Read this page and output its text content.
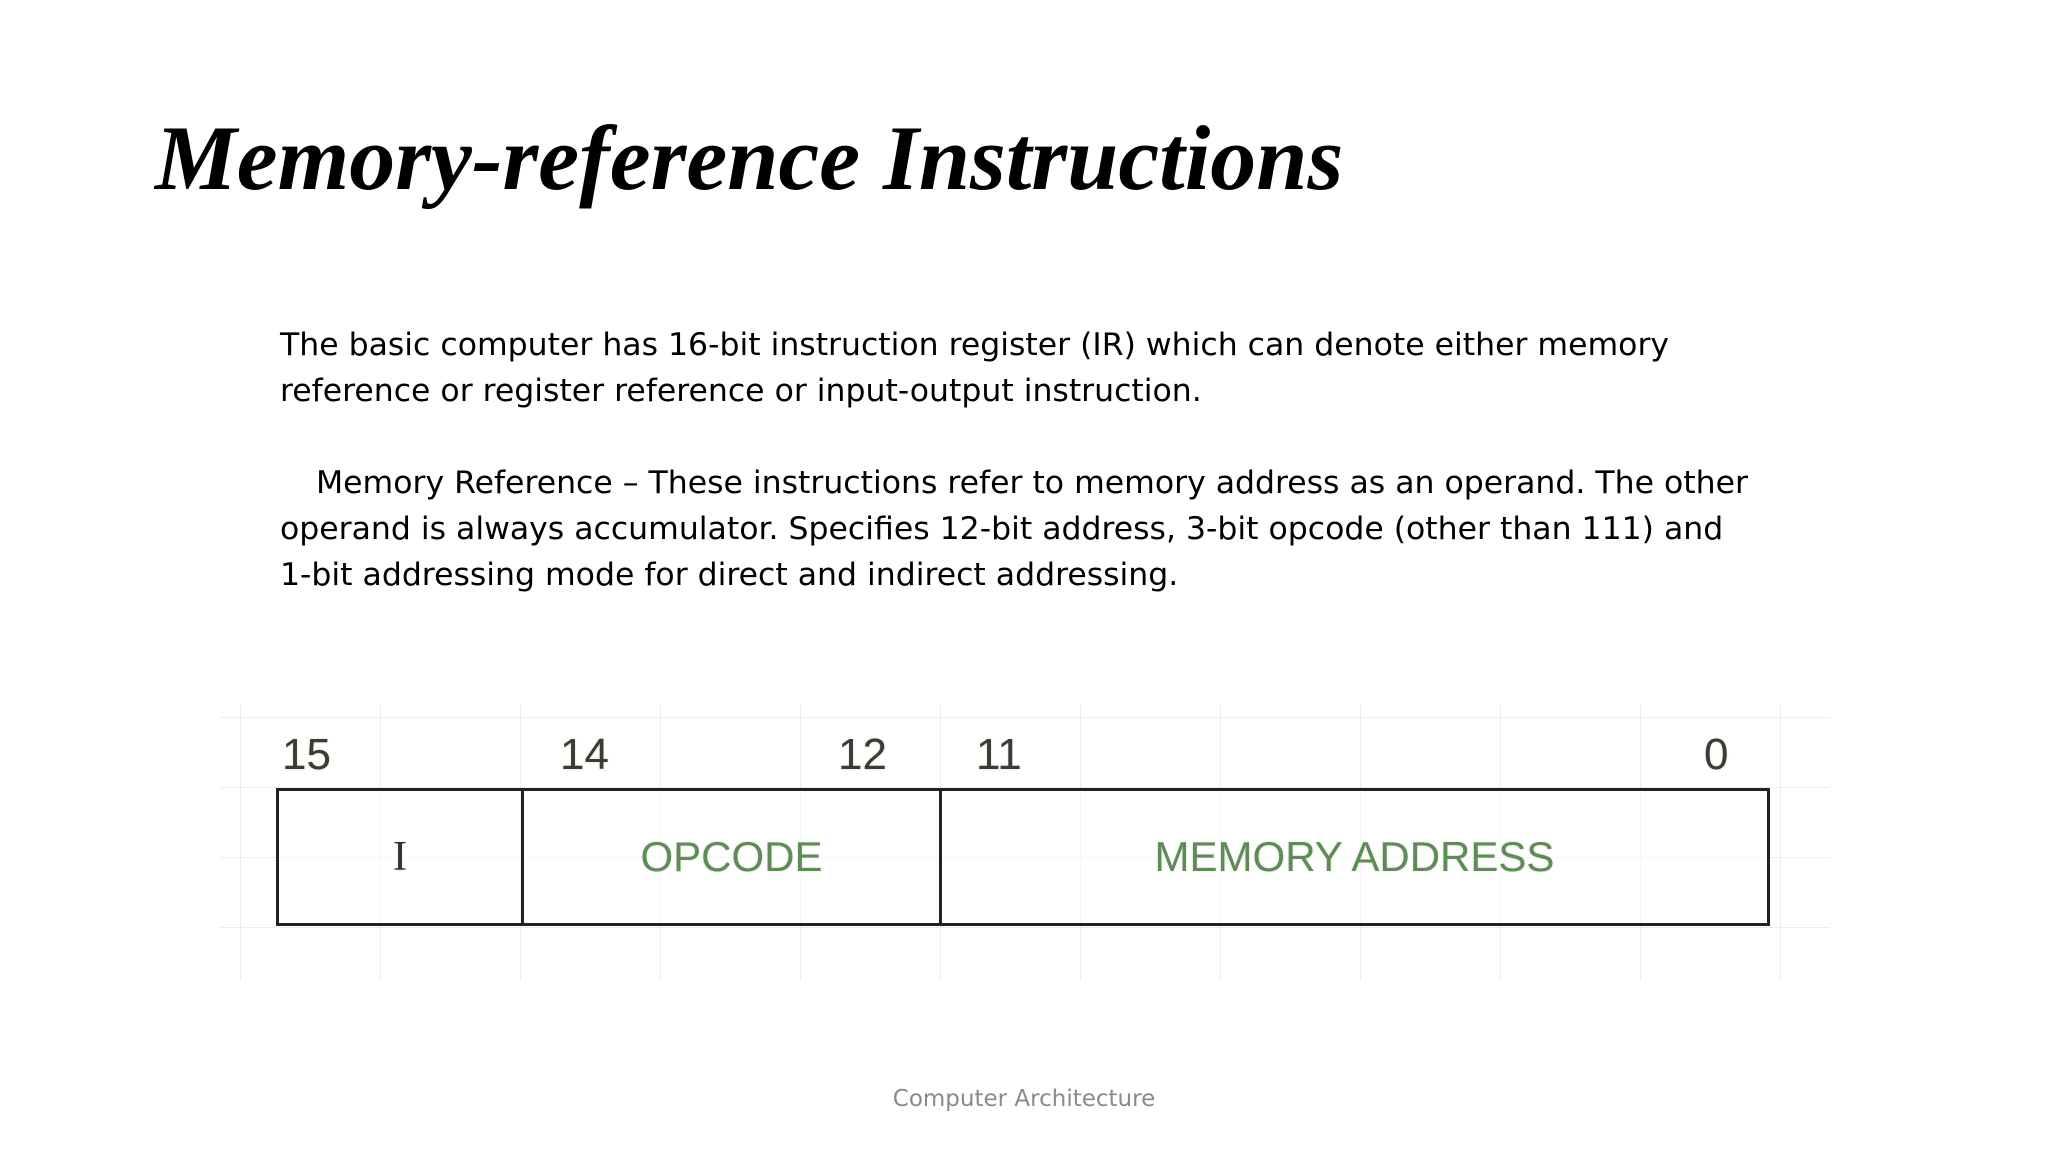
Memory-reference Instructions

The basic computer has 16-bit instruction register (IR) which can denote either memory reference or register reference or input-output instruction.

Memory Reference – These instructions refer to memory address as an operand. The other operand is always accumulator. Specifies 12-bit address, 3-bit opcode (other than 111) and 1-bit addressing mode for direct and indirect addressing.

15	14	12 11	0
I	OPCODE	MEMORY ADDRESS
Computer Architecture
